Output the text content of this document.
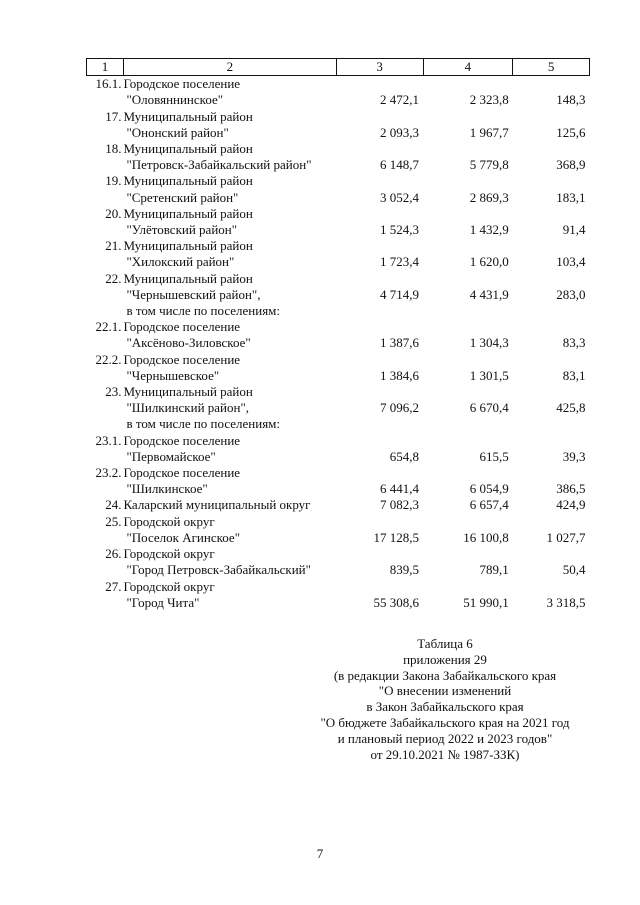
1	2	3	4	5
16.1.	Городское поселение
"Оловяннинское"	2 472,1	2 323,8	148,3

17.	Муниципальный район
"Ононский район"	2 093,3	1 967,7	125,6

18.	Муниципальный район
"Петровск-Забайкальский район"	6 148,7	5 779,8	368,9

19.	Муниципальный район
"Сретенский район"	3 052,4	2 869,3	183,1

20.	Муниципальный район
"Улётовский район"	1 524,3	1 432,9	91,4

21.	Муниципальный район
"Хилокский район"	1 723,4	1 620,0	103,4

22.	Муниципальный район
"Чернышевский район",
в том числе по поселениям:	4 714,9	4 431,9	283,0

22.1.	Городское поселение
"Аксёново-Зиловское"	1 387,6	1 304,3	83,3

22.2.	Городское поселение
"Чернышевское"	1 384,6	1 301,5	83,1

23.	Муниципальный район
"Шилкинский район",
в том числе по поселениям:	7 096,2	6 670,4	425,8

23.1.	Городское поселение
"Первомайское"	654,8	615,5	39,3

23.2.	Городское поселение
"Шилкинское"	6 441,4	6 054,9	386,5

24.	Каларский муниципальный округ	7 082,3	6 657,4	424,9

25.	Городской округ
"Поселок Агинское"	17 128,5	16 100,8	1 027,7

26.	Городской округ
"Город Петровск-Забайкальский"	839,5	789,1	50,4

27.	Городской округ
"Город Чита"	55 308,6	51 990,1	3 318,5
Таблица 6
приложения 29
(в редакции Закона Забайкальского края
"О внесении изменений
в Закон Забайкальского края
"О бюджете Забайкальского края на 2021 год
и плановый период 2022 и 2023 годов"
от 29.10.2021 № 1987-ЗЗК)
7
